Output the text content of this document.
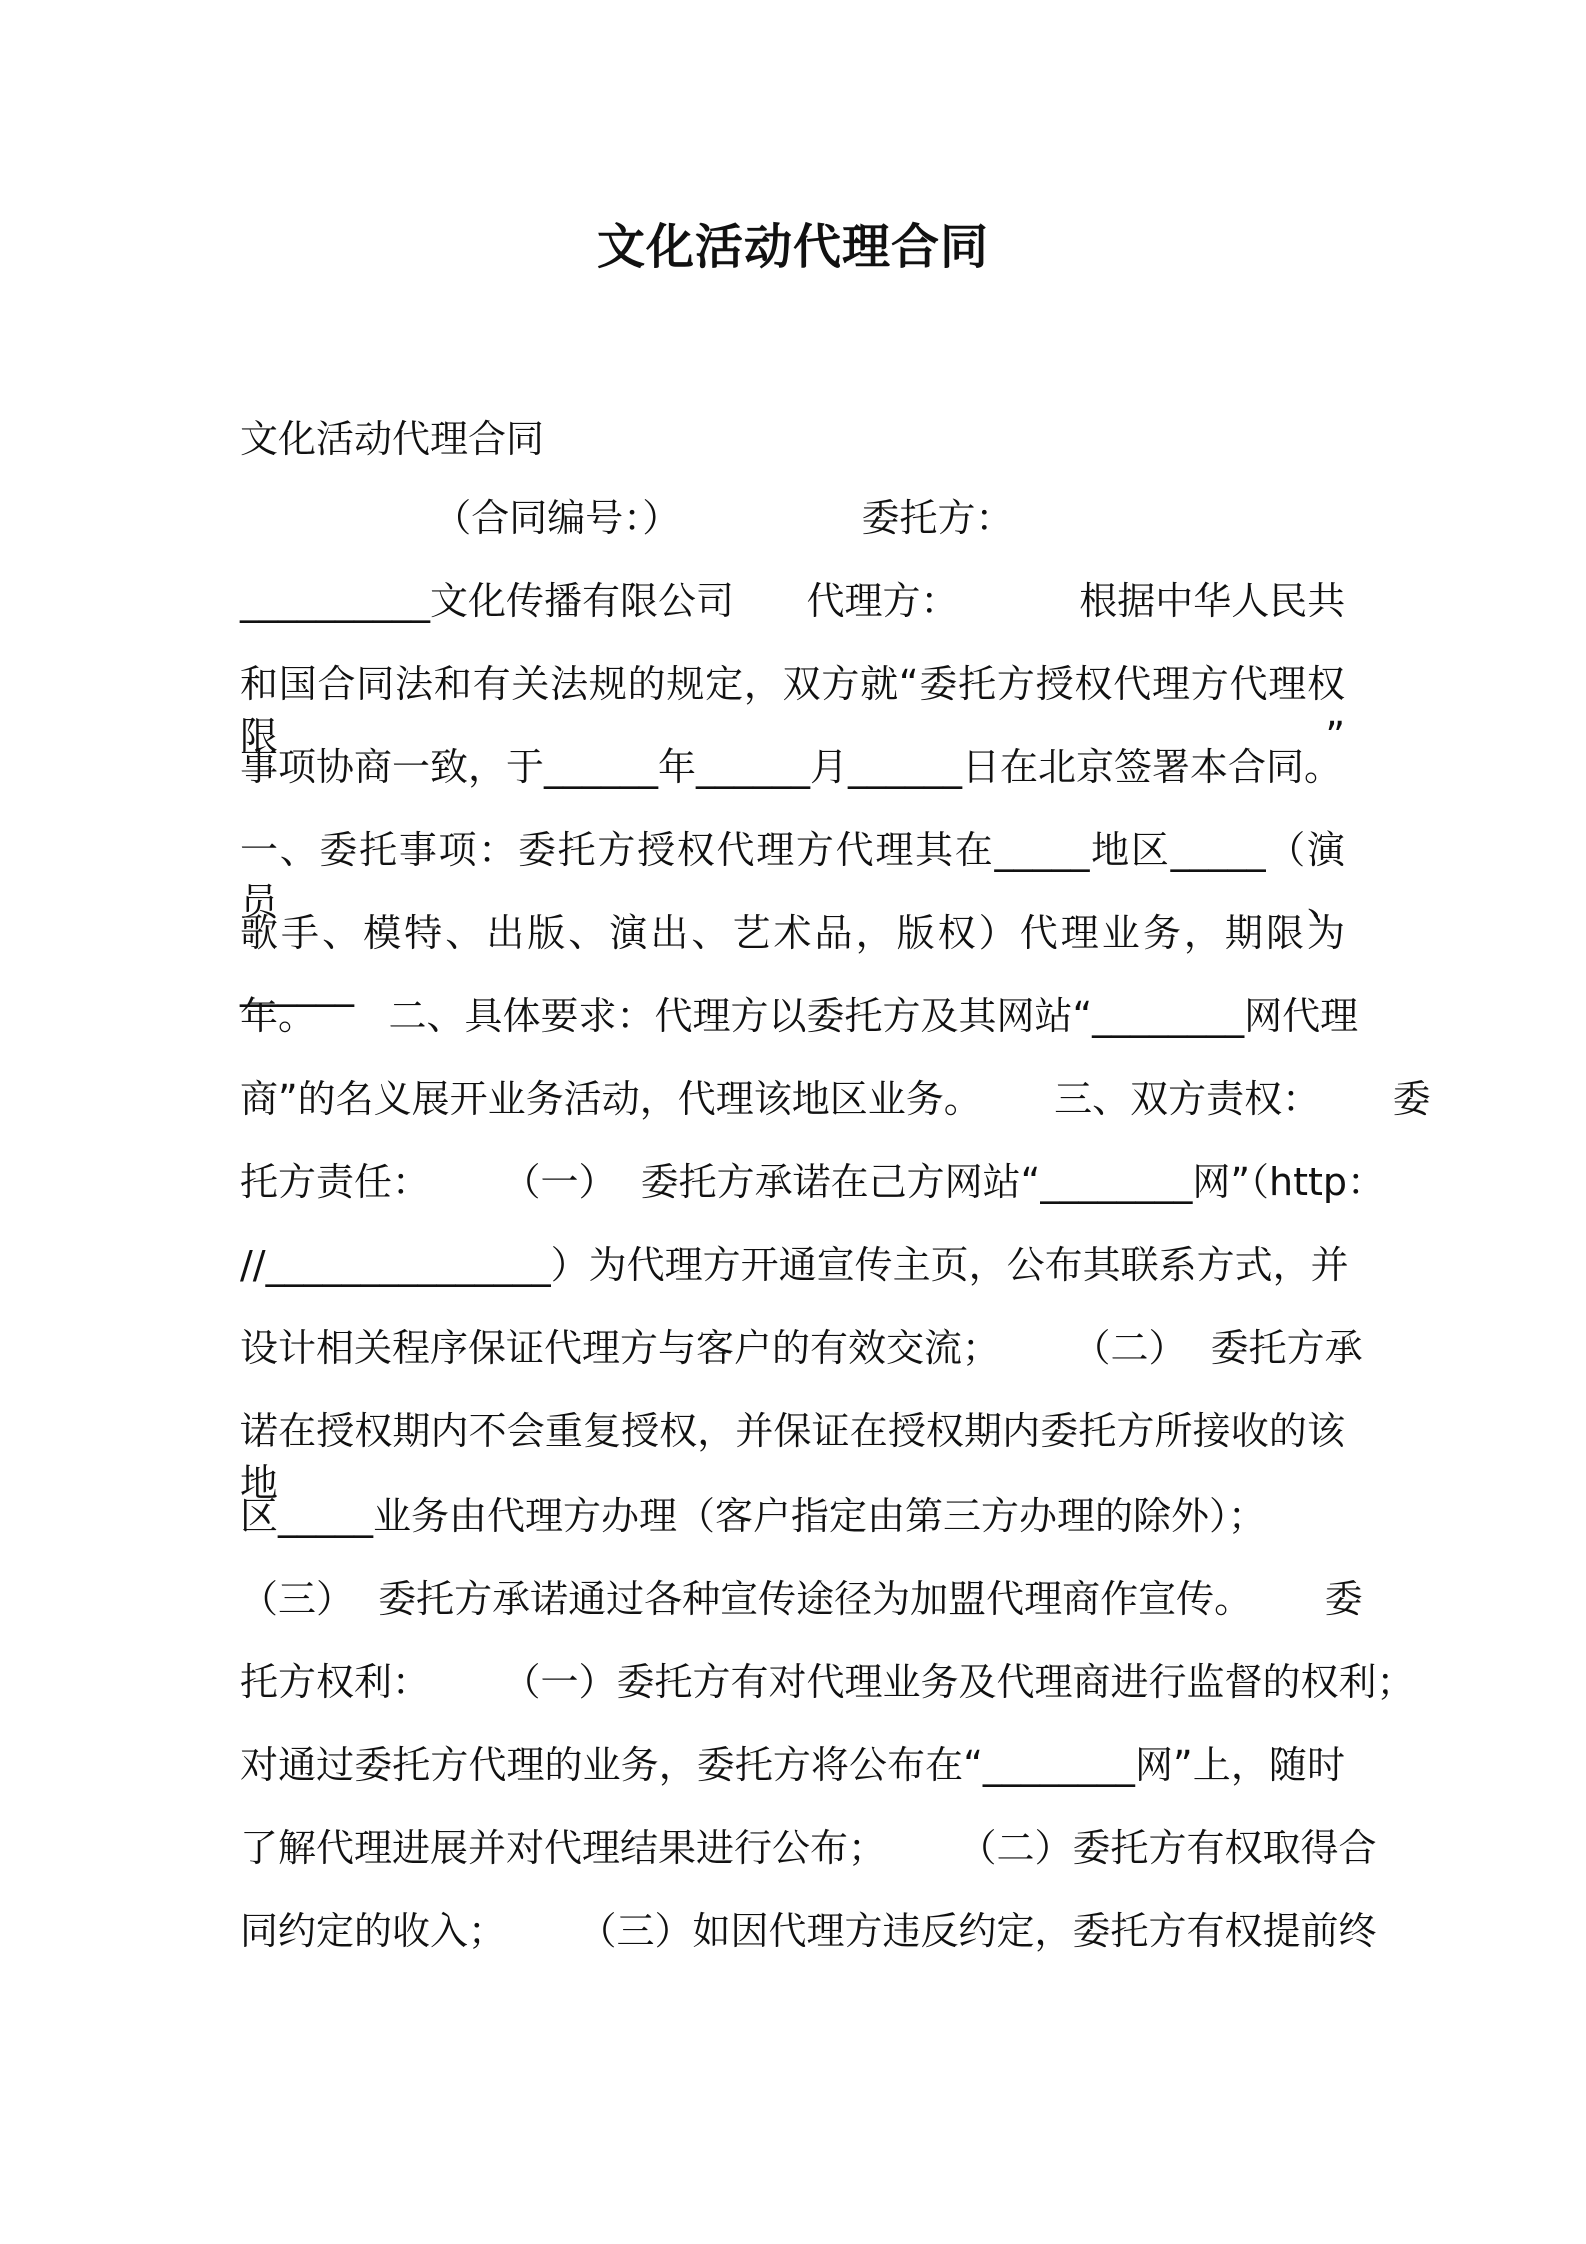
文化活动代理合同
文化活动代理合同
（合同编号：）               委托方：
__________文化传播有限公司      代理方：          根据中华人民共
和国合同法和有关法规的规定，双方就“委托方授权代理方代理权限”
事项协商一致，于______年______月______日在北京签署本合同。
一、委托事项：委托方授权代理方代理其在_____地区_____（演员、
歌手、模特、出版、演出、艺术品，版权）代理业务，期限为______
年。      二、具体要求：代理方以委托方及其网站“________网代理
商”的名义展开业务活动，代理该地区业务。      三、双方责权：      委
托方责任：      （一）  委托方承诺在己方网站“________网”（http：
//_______________）为代理方开通宣传主页，公布其联系方式，并
设计相关程序保证代理方与客户的有效交流；      （二）  委托方承
诺在授权期内不会重复授权，并保证在授权期内委托方所接收的该地
区_____业务由代理方办理（客户指定由第三方办理的除外）；
（三）  委托方承诺通过各种宣传途径为加盟代理商作宣传。      委
托方权利：      （一）委托方有对代理业务及代理商进行监督的权利；
对通过委托方代理的业务，委托方将公布在“________网”上，随时
了解代理进展并对代理结果进行公布；      （二）委托方有权取得合
同约定的收入；      （三）如因代理方违反约定，委托方有权提前终
